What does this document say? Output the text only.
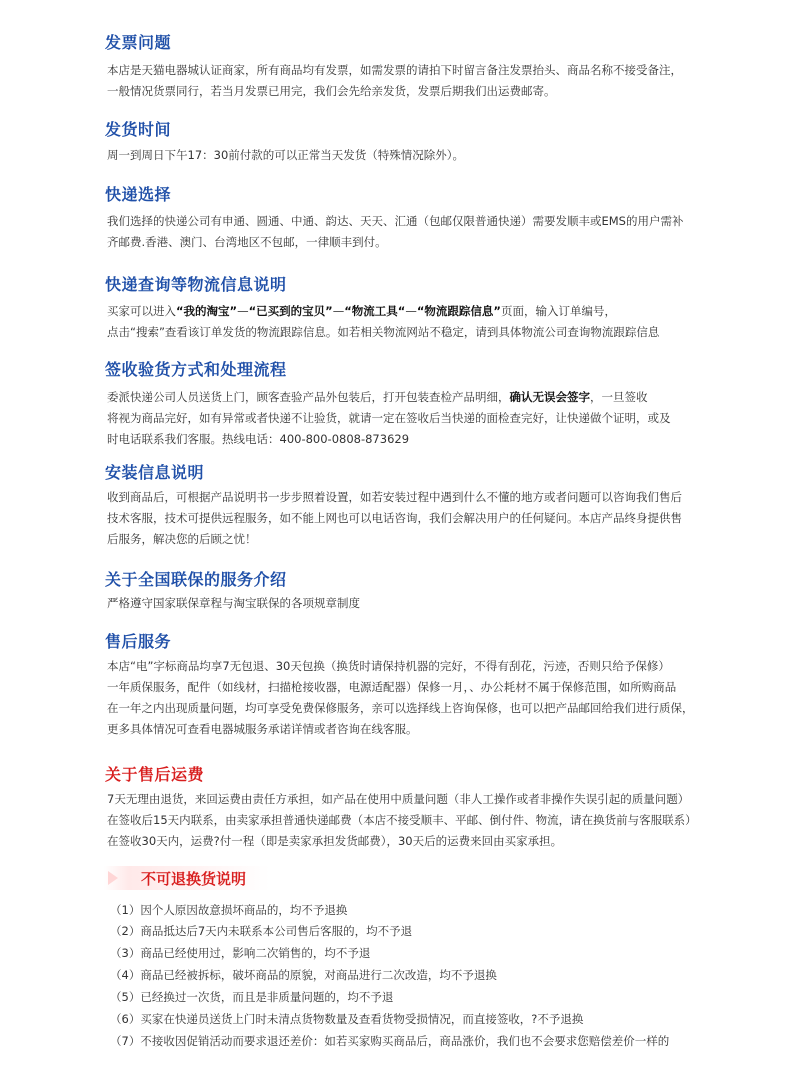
发票问题
本店是天猫电器城认证商家，所有商品均有发票，如需发票的请拍下时留言备注发票抬头、商品名称不接受备注，
一般情况货票同行，若当月发票已用完，我们会先给亲发货，发票后期我们出运费邮寄。
发货时间
周一到周日下午17：30前付款的可以正常当天发货（特殊情况除外）。
快递选择
我们选择的快递公司有申通、圆通、中通、韵达、天天、汇通（包邮仅限普通快递）需要发顺丰或EMS的用户需补
齐邮费.香港、澳门、台湾地区不包邮，一律顺丰到付。
快递查询等物流信息说明
买家可以进入“我的淘宝”—“已买到的宝贝”—“物流工具“—“物流跟踪信息”页面，输入订单编号，
点击“搜索”查看该订单发货的物流跟踪信息。如若相关物流网站不稳定，请到具体物流公司查询物流跟踪信息
签收验货方式和处理流程
委派快递公司人员送货上门，顾客查验产品外包装后，打开包装查检产品明细，确认无误会签字，一旦签收
将视为商品完好，如有异常或者快递不让验货，就请一定在签收后当快递的面检查完好，让快递做个证明，或及
时电话联系我们客服。热线电话：400-800-0808-873629
安装信息说明
收到商品后，可根据产品说明书一步步照着设置，如若安装过程中遇到什么不懂的地方或者问题可以咨询我们售后
技术客服，技术可提供远程服务，如不能上网也可以电话咨询，我们会解决用户的任何疑问。本店产品终身提供售
后服务，解决您的后顾之忧！
关于全国联保的服务介绍
严格遵守国家联保章程与淘宝联保的各项规章制度
售后服务
本店“电”字标商品均享7无包退、30天包换（换货时请保持机器的完好，不得有刮花，污迹，否则只给予保修）
一年质保服务，配件（如线材，扫描枪接收器，电源适配器）保修一月，、办公耗材不属于保修范围，如所购商品
在一年之内出现质量问题，均可享受免费保修服务，亲可以选择线上咨询保修，也可以把产品邮回给我们进行质保，
更多具体情况可查看电器城服务承诺详情或者咨询在线客服。
关于售后运费
7天无理由退货，来回运费由责任方承担，如产品在使用中质量问题（非人工操作或者非操作失误引起的质量问题）
在签收后15天内联系，由卖家承担普通快递邮费（本店不接受顺丰、平邮、倒付件、物流，请在换货前与客服联系）
在签收30天内，运费?付一程（即是卖家承担发货邮费），30天后的运费来回由买家承担。
不可退换货说明
（1）因个人原因故意损坏商品的，均不予退换
（2）商品抵达后7天内未联系本公司售后客服的，均不予退
（3）商品已经使用过，影响二次销售的，均不予退
（4）商品已经被拆标，破坏商品的原貌，对商品进行二次改造，均不予退换
（5）已经换过一次货，而且是非质量问题的，均不予退
（6）买家在快递员送货上门时未清点货物数量及查看货物受损情况，而直接签收，?不予退换
（7）不接收因促销活动而要求退还差价：如若买家购买商品后，商品涨价，我们也不会要求您赔偿差价一样的
